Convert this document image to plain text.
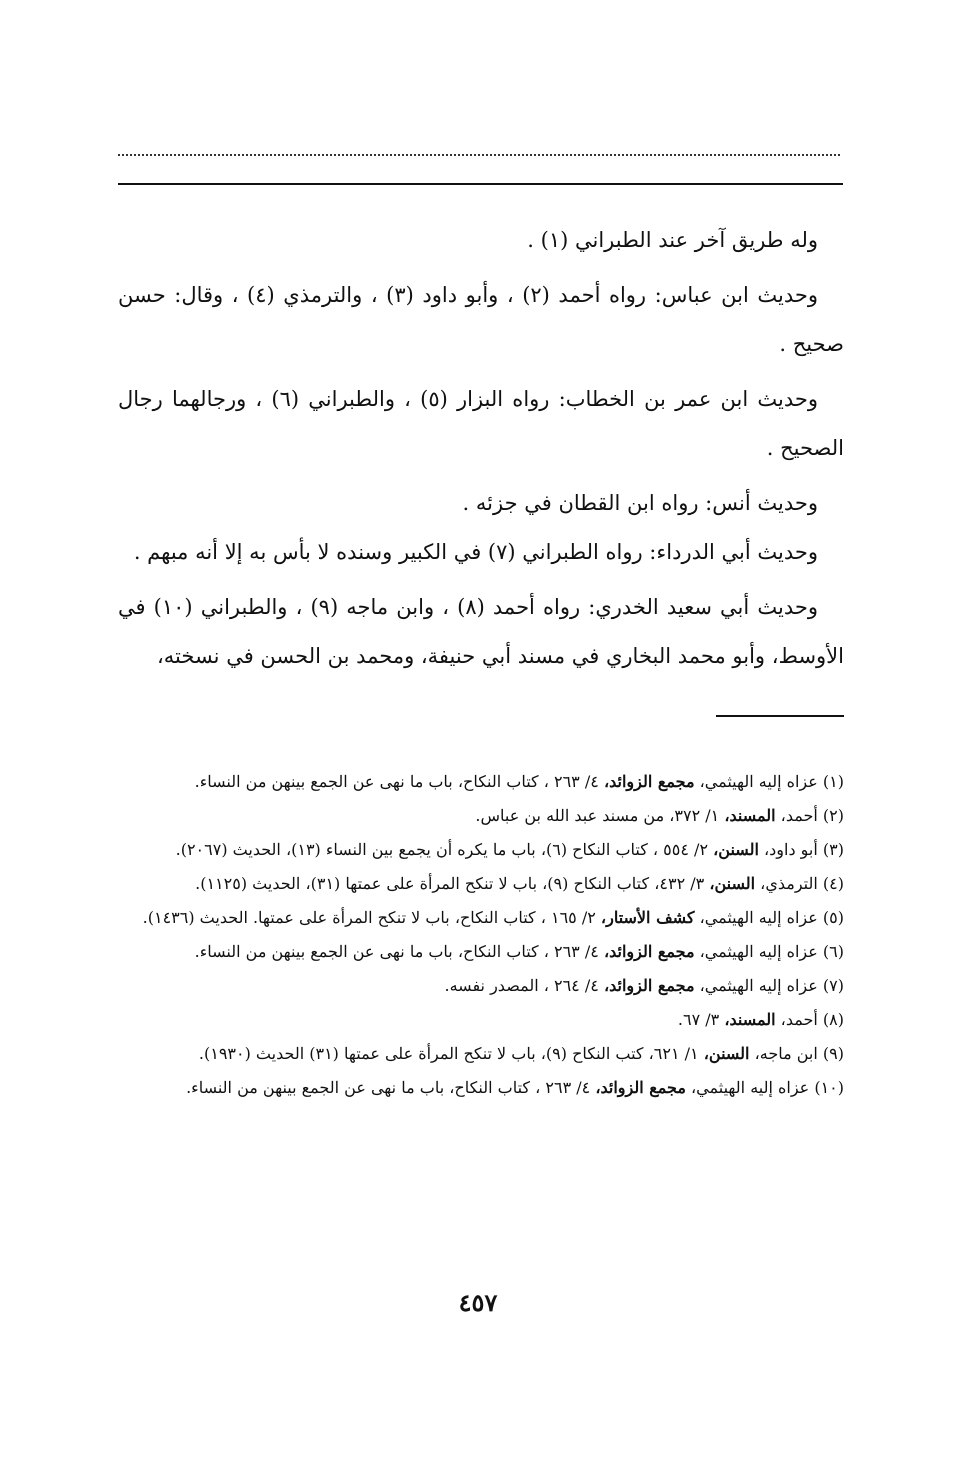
وله طريق آخر عند الطبراني (١) .

وحديث ابن عباس: رواه أحمد (٢) ، وأبو داود (٣) ، والترمذي (٤) ، وقال: حسن صحيح .

وحديث ابن عمر بن الخطاب: رواه البزار (٥) ، والطبراني (٦) ، ورجالهما رجال الصحيح .

وحديث أنس: رواه ابن القطان في جزئه .

وحديث أبي الدرداء: رواه الطبراني (٧) في الكبير وسنده لا بأس به إلا أنه مبهم .

وحديث أبي سعيد الخدري: رواه أحمد (٨) ، وابن ماجه (٩) ، والطبراني (١٠) في الأوسط، وأبو محمد البخاري في مسند أبي حنيفة، ومحمد بن الحسن في نسخته،

(١) عزاه إليه الهيثمي، مجمع الزوائد، ٤/ ٢٦٣ ، كتاب النكاح، باب ما نهى عن الجمع بينهن من النساء.
(٢) أحمد، المسند، ١/ ٣٧٢، من مسند عبد الله بن عباس.
(٣) أبو داود، السنن، ٢/ ٥٥٤ ، كتاب النكاح (٦)، باب ما يكره أن يجمع بين النساء (١٣)، الحديث (٢٠٦٧).
(٤) الترمذي، السنن، ٣/ ٤٣٢، كتاب النكاح (٩)، باب لا تنكح المرأة على عمتها (٣١)، الحديث (١١٢٥).
(٥) عزاه إليه الهيثمي، كشف الأستار، ٢/ ١٦٥ ، كتاب النكاح، باب لا تنكح المرأة على عمتها. الحديث (١٤٣٦).
(٦) عزاه إليه الهيثمي، مجمع الزوائد، ٤/ ٢٦٣ ، كتاب النكاح، باب ما نهى عن الجمع بينهن من النساء.
(٧) عزاه إليه الهيثمي، مجمع الزوائد، ٤/ ٢٦٤ ، المصدر نفسه.
(٨) أحمد، المسند، ٣/ ٦٧.
(٩) ابن ماجه، السنن، ١/ ٦٢١، كتب النكاح (٩)، باب لا تنكح المرأة على عمتها (٣١) الحديث (١٩٣٠).
(١٠) عزاه إليه الهيثمي، مجمع الزوائد، ٤/ ٢٦٣ ، كتاب النكاح، باب ما نهى عن الجمع بينهن من النساء.
٤٥٧
